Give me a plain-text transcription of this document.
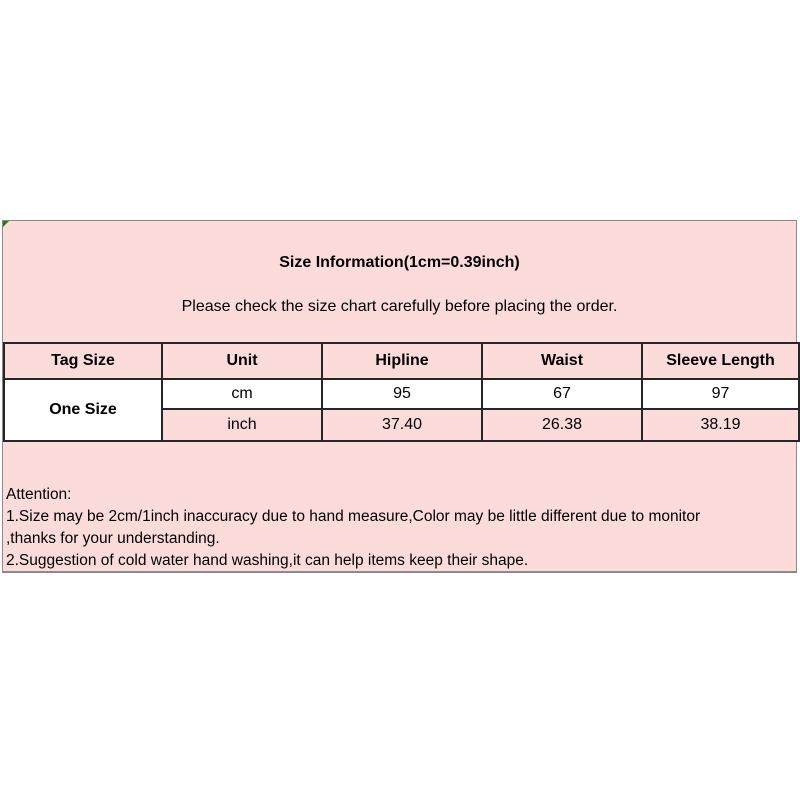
Size Information(1cm=0.39inch)
Please check the size chart carefully before placing the order.
Tag Size	Unit	Hipline	Waist	Sleeve Length
One Size	cm	95	67	97
	inch	37.40	26.38	38.19
Attention:
1.Size may be 2cm/1inch inaccuracy due to hand measure,Color may be little different due to monitor
,thanks for your understanding.
2.Suggestion of cold water hand washing,it can help items keep their shape.
